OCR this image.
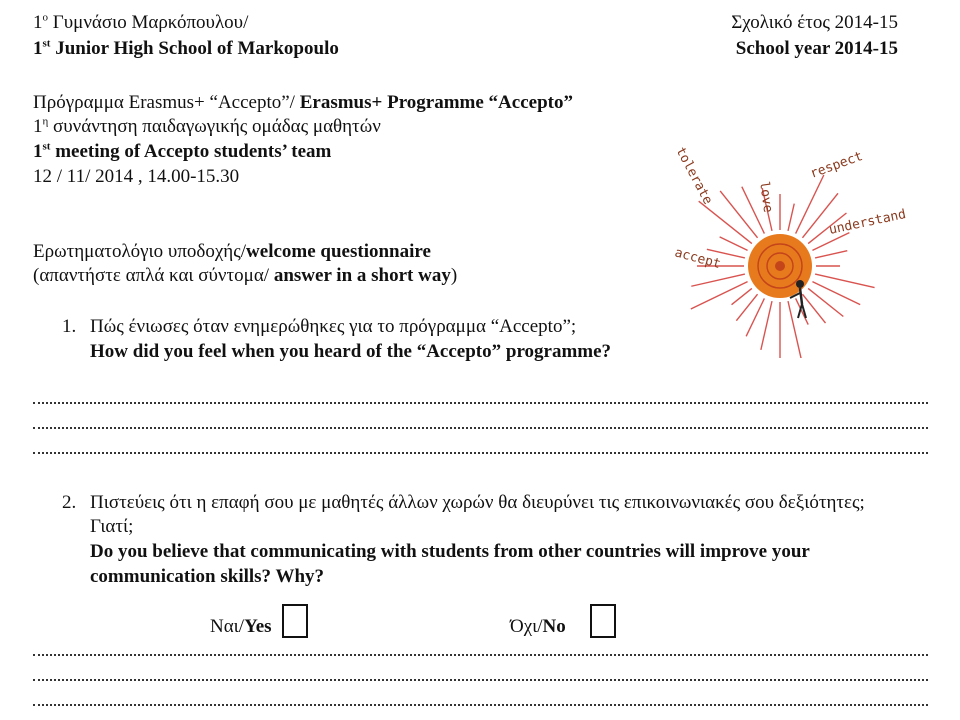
$1^o$ Γυμνάσιο Μαρκόπουλου/
1st Junior High School of Markopoulo
Σχολικό έτος 2014-15
School year 2014-15
Πρόγραμμα Erasmus+ “Accepto”/ Erasmus+ Programme “Accepto”
$1^\eta$ συνάντηση παιδαγωγικής ομάδας μαθητών
1st meeting of Accepto students’ team
12 / 11/ 2014 , 14.00-15.30
Ερωτηματολόγιο υποδοχής/welcome questionnaire
(απαντήστε απλά και σύντομα/ answer in a short way)
1. Πώς ένιωσες όταν ενημερώθηκες για το πρόγραμμα “Accepto”;
How did you feel when you heard of the “Accepto” programme?
2. Πιστεύεις ότι η επαφή σου με μαθητές άλλων χωρών θα διευρύνει τις επικοινωνιακές σου δεξιότητες;
Γιατί;
Do you believe that communicating with students from other countries will improve your
communication skills? Why?
Ναι/Yes	Όχι/No
accept
tolerate	love
respect
understand
